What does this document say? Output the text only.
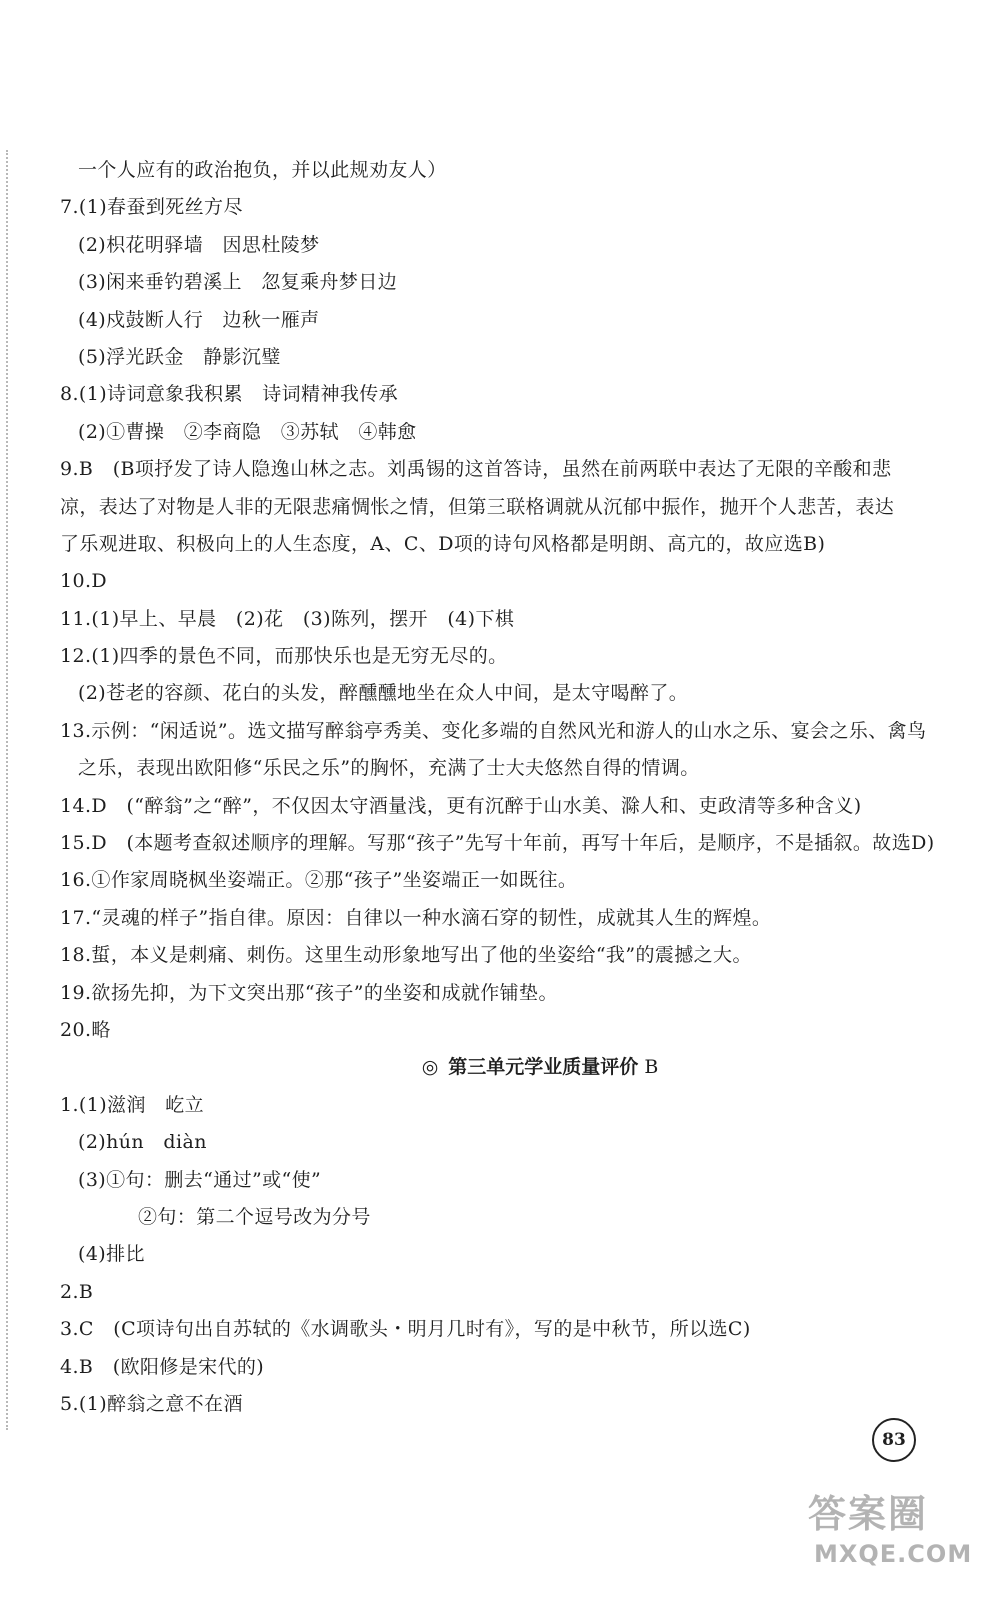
一个人应有的政治抱负，并以此规劝友人）
7.(1)春蚕到死丝方尽
(2)枳花明驿墙　因思杜陵梦
(3)闲来垂钓碧溪上　忽复乘舟梦日边
(4)戍鼓断人行　边秋一雁声
(5)浮光跃金　静影沉璧
8.(1)诗词意象我积累　诗词精神我传承
(2)①曹操　②李商隐　③苏轼　④韩愈
9.B　(B项抒发了诗人隐逸山林之志。刘禹锡的这首答诗，虽然在前两联中表达了无限的辛酸和悲
凉，表达了对物是人非的无限悲痛惆怅之情，但第三联格调就从沉郁中振作，抛开个人悲苦，表达
了乐观进取、积极向上的人生态度，A、C、D项的诗句风格都是明朗、高亢的，故应选B)
10.D
11.(1)早上、早晨　(2)花　(3)陈列，摆开　(4)下棋
12.(1)四季的景色不同，而那快乐也是无穷无尽的。
(2)苍老的容颜、花白的头发，醉醺醺地坐在众人中间，是太守喝醉了。
13.示例：“闲适说”。选文描写醉翁亭秀美、变化多端的自然风光和游人的山水之乐、宴会之乐、禽鸟
之乐，表现出欧阳修“乐民之乐”的胸怀，充满了士大夫悠然自得的情调。
14.D　(“醉翁”之“醉”，不仅因太守酒量浅，更有沉醉于山水美、滁人和、吏政清等多种含义)
15.D　(本题考查叙述顺序的理解。写那“孩子”先写十年前，再写十年后，是顺序，不是插叙。故选D)
16.①作家周晓枫坐姿端正。②那“孩子”坐姿端正一如既往。
17.“灵魂的样子”指自律。原因：自律以一种水滴石穿的韧性，成就其人生的辉煌。
18.蜇，本义是刺痛、刺伤。这里生动形象地写出了他的坐姿给“我”的震撼之大。
19.欲扬先抑，为下文突出那“孩子”的坐姿和成就作铺垫。
20.略
◎ 第三单元学业质量评价 B
1.(1)滋润　屹立
(2)hún　diàn
(3)①句：删去“通过”或“使”
②句：第二个逗号改为分号
(4)排比
2.B
3.C　(C项诗句出自苏轼的《水调歌头・明月几时有》，写的是中秋节，所以选C)
4.B　(欧阳修是宋代的)
5.(1)醉翁之意不在酒
83
答案圈
MXQE.COM
